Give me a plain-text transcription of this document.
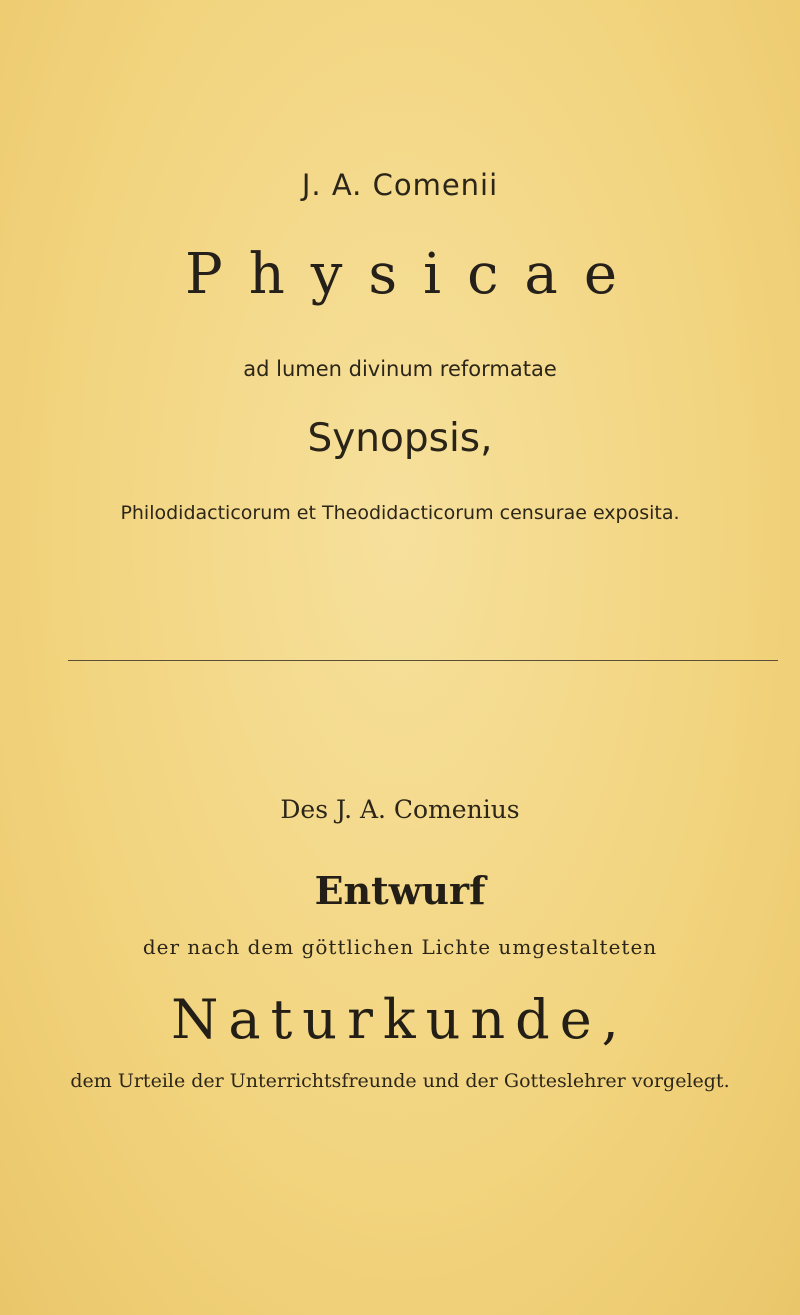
J. A. Comenii
Physicae
ad lumen divinum reformatae
Synopsis,
Philodidacticorum et Theodidacticorum censurae exposita.
Des J. A. Comenius
Entwurf
der nach dem göttlichen Lichte umgestalteten
Naturkunde,
dem Urteile der Unterrichtsfreunde und der Gotteslehrer vorgelegt.
